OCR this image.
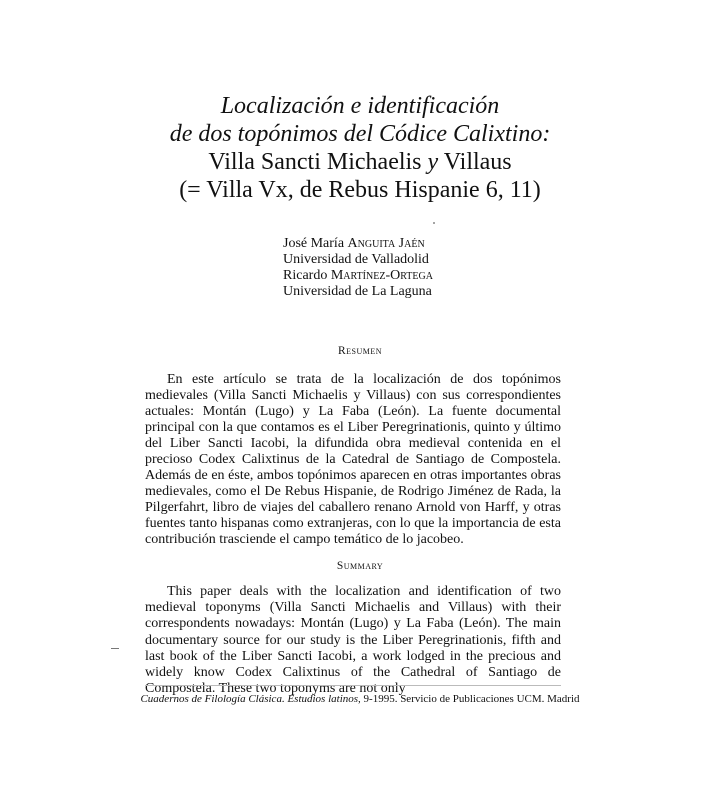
Localización e identificación
de dos topónimos del Códice Calixtino:
Villa Sancti Michaelis y Villaus
(= Villa Vx, de Rebus Hispanie 6, 11)
José María Anguita Jaén
Universidad de Valladolid
Ricardo Martínez-Ortega
Universidad de La Laguna
Resumen

En este artículo se trata de la localización de dos topónimos medievales (Villa Sancti Michaelis y Villaus) con sus correspondientes actuales: Montán (Lugo) y La Faba (León). La fuente documental principal con la que contamos es el Liber Peregrinationis, quinto y último del Liber Sancti Iacobi, la difundida obra medieval contenida en el precioso Codex Calixtinus de la Catedral de Santiago de Compostela. Además de en éste, ambos topónimos aparecen en otras importantes obras medievales, como el De Rebus Hispanie, de Rodrigo Jiménez de Rada, la Pilgerfahrt, libro de viajes del caballero renano Arnold von Harff, y otras fuentes tanto hispanas como extranjeras, con lo que la importancia de esta contribución trasciende el campo temático de lo jacobeo.

Summary

This paper deals with the localization and identification of two medieval toponyms (Villa Sancti Michaelis and Villaus) with their correspondents nowadays: Montán (Lugo) y La Faba (León). The main documentary source for our study is the Liber Peregrinationis, fifth and last book of the Liber Sancti Iacobi, a work lodged in the precious and widely know Codex Calixtinus of the Cathedral of Santiago de Compostela. These two toponyms are not only

Cuadernos de Filología Clásica. Estudios latinos, 9-1995. Servicio de Publicaciones UCM. Madrid
